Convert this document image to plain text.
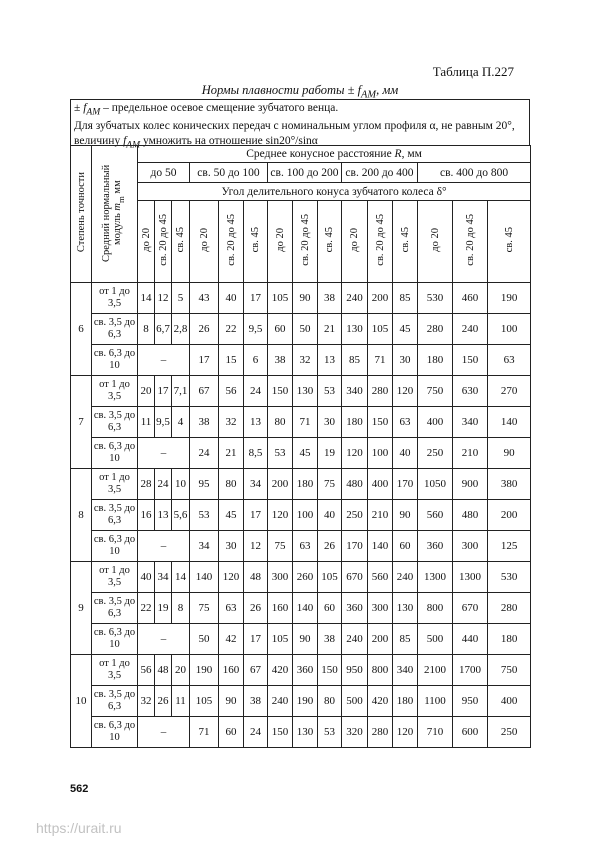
Таблица П.227
Нормы плавности работы ± $f_{AM}$, мм
± $f_{AM}$ – предельное осевое смещение зубчатого венца.
Для зубчатых колес конических передач с номинальным углом профиля α, не равным 20°, величину $f_{AM}$ умножить на отношение sin20°/sinα
Степень точности	Средний нормальный модуль $m_m$ мм	Среднее конусное расстояние R, мм														
		до 50			св. 50 до 100			св. 100 до 200			св. 200 до 400			св. 400 до 800		
		Угол делительного конуса зубчатого колеса δ°														
		до 20	св. 20 до 45	св. 45	до 20	св. 20 до 45	св. 45	до 20	св. 20 до 45	св. 45	до 20	св. 20 до 45	св. 45	до 20	св. 20 до 45	св. 45
6	от 1 до 3,5	14	12	5	43	40	17	105	90	38	240	200	85	530	460	190
	св. 3,5 до 6,3	8	6,7	2,8	26	22	9,5	60	50	21	130	105	45	280	240	100
	св. 6,3 до 10	–			17	15	6	38	32	13	85	71	30	180	150	63
7	от 1 до 3,5	20	17	7,1	67	56	24	150	130	53	340	280	120	750	630	270
	св. 3,5 до 6,3	11	9,5	4	38	32	13	80	71	30	180	150	63	400	340	140
	св. 6,3 до 10	–			24	21	8,5	53	45	19	120	100	40	250	210	90
8	от 1 до 3,5	28	24	10	95	80	34	200	180	75	480	400	170	1050	900	380
	св. 3,5 до 6,3	16	13	5,6	53	45	17	120	100	40	250	210	90	560	480	200
	св. 6,3 до 10	–			34	30	12	75	63	26	170	140	60	360	300	125
9	от 1 до 3,5	40	34	14	140	120	48	300	260	105	670	560	240	1300	1300	530
	св. 3,5 до 6,3	22	19	8	75	63	26	160	140	60	360	300	130	800	670	280
	св. 6,3 до 10	–			50	42	17	105	90	38	240	200	85	500	440	180
10	от 1 до 3,5	56	48	20	190	160	67	420	360	150	950	800	340	2100	1700	750
	св. 3,5 до 6,3	32	26	11	105	90	38	240	190	80	500	420	180	1100	950	400
	св. 6,3 до 10	–			71	60	24	150	130	53	320	280	120	710	600	250
562
https://urait.ru
